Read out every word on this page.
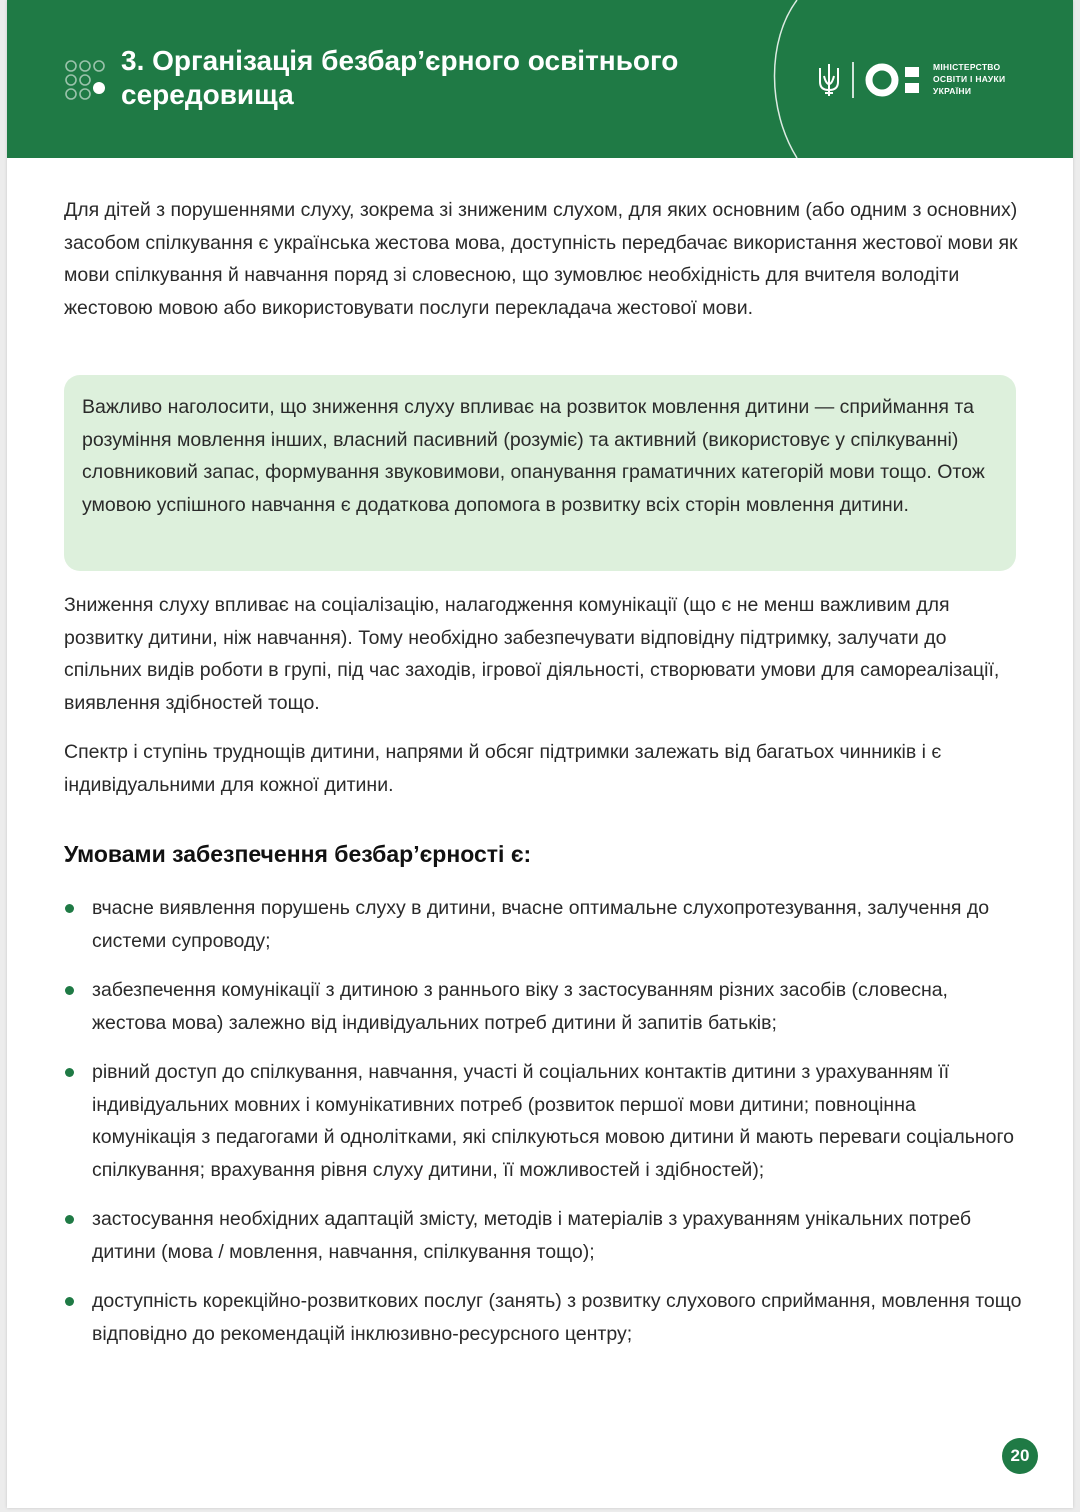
3. Організація безбар’єрного освітнього
середовища
МІНІСТЕРСТВО
ОСВІТИ І НАУКИ
УКРАЇНИ
Для дітей з порушеннями слуху, зокрема зі зниженим слухом, для яких основним (або одним з основних) засобом спілкування є українська жестова мова, доступність передбачає використання жестової мови як мови спілкування й навчання поряд зі словесною, що зумовлює необхідність для вчителя володіти жестовою мовою або використовувати послуги перекладача жестової мови.
Важливо наголосити, що зниження слуху впливає на розвиток мовлення дитини — сприймання та розуміння мовлення інших, власний пасивний (розуміє) та активний (використовує у спілкуванні) словниковий запас, формування звуковимови, опанування граматичних категорій мови тощо. Отож умовою успішного навчання є додаткова допомога в розвитку всіх сторін мовлення дитини.
Зниження слуху впливає на соціалізацію, налагодження комунікації (що є не менш важливим для розвитку дитини, ніж навчання). Тому необхідно забезпечувати відповідну підтримку, залучати до спільних видів роботи в групі, під час заходів, ігрової діяльності, створювати умови для самореалізації, виявлення здібностей тощо.
Спектр і ступінь труднощів дитини, напрями й обсяг підтримки залежать від багатьох чинників і є індивідуальними для кожної дитини.
Умовами забезпечення безбар’єрності є:
вчасне виявлення порушень слуху в дитини, вчасне оптимальне слухопротезування, залучення до системи супроводу;
забезпечення комунікації з дитиною з раннього віку з застосуванням різних засобів (словесна, жестова мова) залежно від індивідуальних потреб дитини й запитів батьків;
рівний доступ до спілкування, навчання, участі й соціальних контактів дитини з урахуванням її індивідуальних мовних і комунікативних потреб (розвиток першої мови дитини; повноцінна комунікація з педагогами й однолітками, які спілкуються мовою дитини й мають переваги соціального спілкування; врахування рівня слуху дитини, її можливостей і здібностей);
застосування необхідних адаптацій змісту, методів і матеріалів з урахуванням унікальних потреб дитини (мова / мовлення, навчання, спілкування тощо);
доступність корекційно-розвиткових послуг (занять) з розвитку слухового сприймання, мовлення тощо відповідно до рекомендацій інклюзивно-ресурсного центру;
20
